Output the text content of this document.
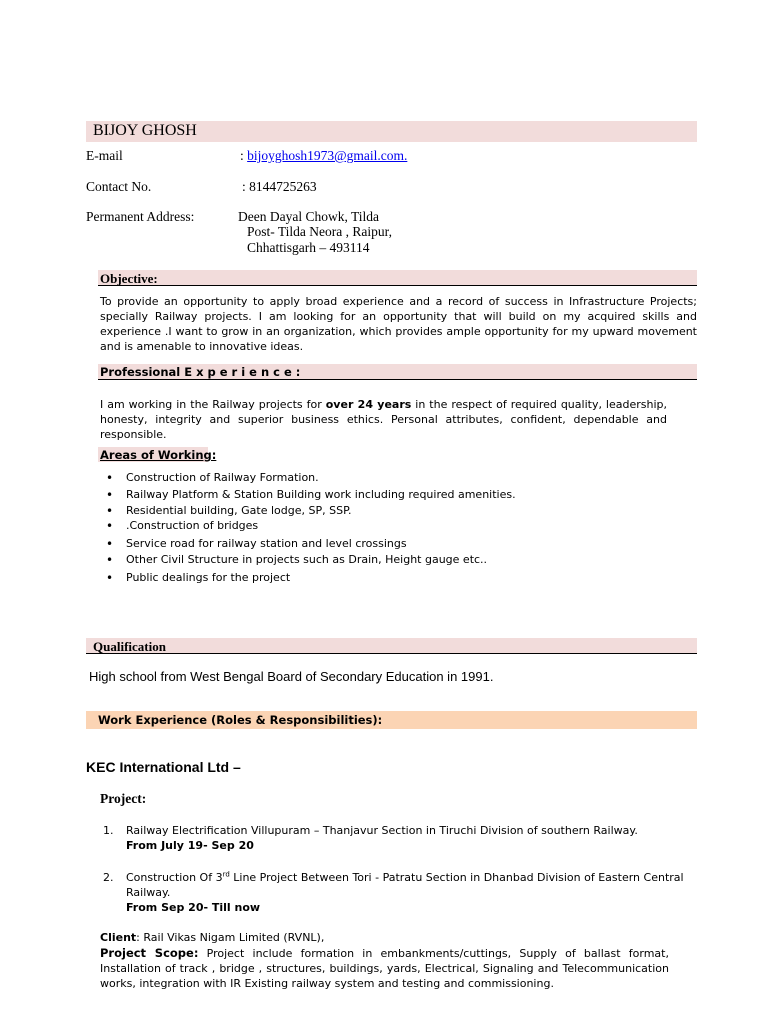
BIJOY GHOSH
E-mail	: bijoyghosh1973@gmail.com.
Contact No.	: 8144725263
Permanent Address:	Deen Dayal Chowk, Tilda
Post- Tilda Neora , Raipur,
Chhattisgarh – 493114
Objective:
To provide an opportunity to apply broad experience and a record of success in Infrastructure Projects; specially Railway projects. I am looking for an opportunity that will build on my acquired skills and experience .I want to grow in an organization, which provides ample opportunity for my upward movement and is amenable to innovative ideas.
Professional E x p e r i e n c e :
I am working in the Railway projects for over 24 years in the respect of required quality, leadership, honesty, integrity and superior business ethics. Personal attributes, confident, dependable and responsible.
Areas of Working:
• Construction of Railway Formation.
• Railway Platform & Station Building work including required amenities.
• Residential building, Gate lodge, SP, SSP.
• .Construction of bridges
• Service road for railway station and level crossings
• Other Civil Structure in projects such as Drain, Height gauge etc..
• Public dealings for the project
Qualification
High school from West Bengal Board of Secondary Education in 1991.
Work Experience (Roles & Responsibilities):
KEC International Ltd –
Project:
1. Railway Electrification Villupuram – Thanjavur Section in Tiruchi Division of southern Railway.
From July 19- Sep 20
2. Construction Of 3rd Line Project Between Tori - Patratu Section in Dhanbad Division of Eastern Central Railway.
From Sep 20- Till now
Client: Rail Vikas Nigam Limited (RVNL),
Project Scope: Project include formation in embankments/cuttings, Supply of ballast format, Installation of track , bridge , structures, buildings, yards, Electrical, Signaling and Telecommunication works, integration with IR Existing railway system and testing and commissioning.
